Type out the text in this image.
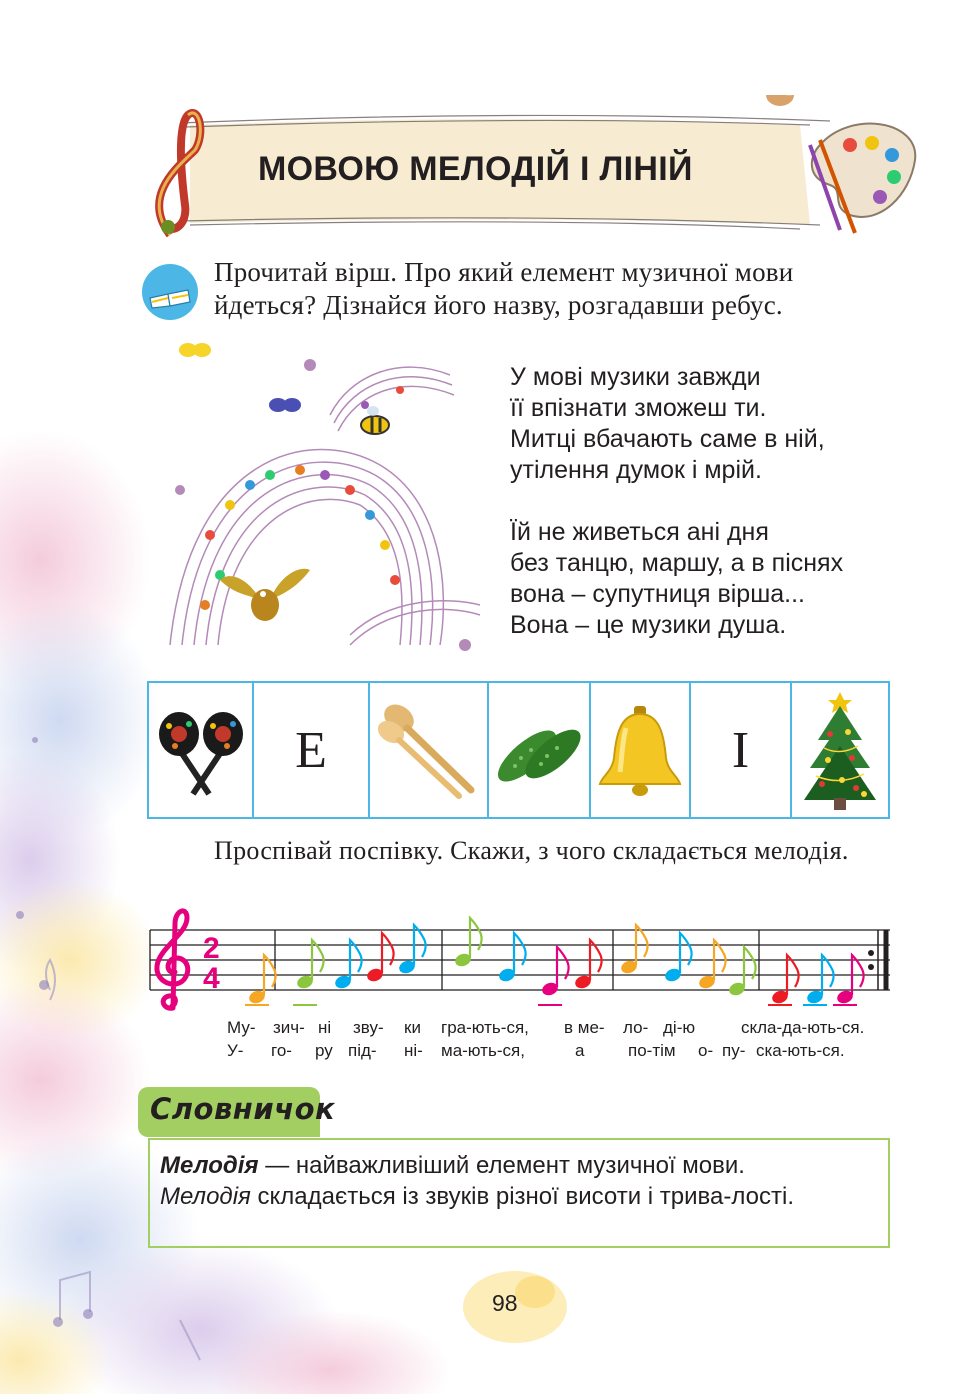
МОВОЮ МЕЛОДІЙ І ЛІНІЙ
Прочитай вірш. Про який елемент музичної мови
йдеться? Дізнайся його назву, розгадавши ребус.
У мові музики завжди
її впізнати зможеш ти.
Митці вбачають саме в ній,
утілення думок і мрій.
Їй не живеться ані дня
без танцю, маршу, а в піснях
вона – супутниця вірша...
Вона – це музики душа.
Е	І
Проспівай поспівку. Скажи, з чого складається мелодія.
2
4
Му- зич- ні зву- ки гра-ють-ся, в ме- ло- ді-ю	скла-да-ють-ся.
У- го- ру під- ні- ма-ють-ся,	а	по-тім о- пу- ска-ють-ся.
Словничок
Мелодія — найважливіший елемент музичної мови.
Мелодія складається із звуків різної висоти і трива-лості.
98
